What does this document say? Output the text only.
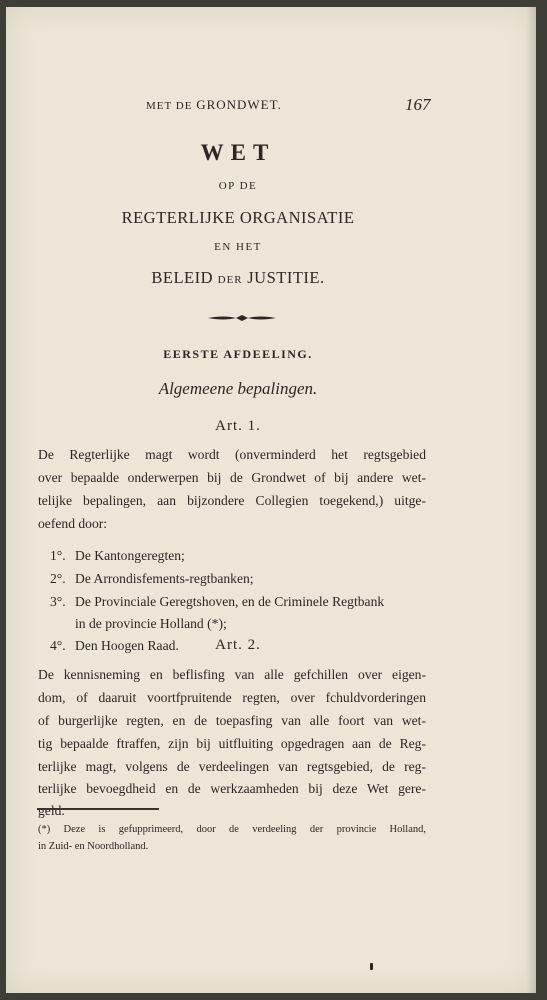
MET DE GRONDWET.	167
WET
OP DE
REGTERLIJKE ORGANISATIE
EN HET
BELEID DER JUSTITIE.
EERSTE AFDEELING.
Algemeene bepalingen.
Art. 1.
De Regterlijke magt wordt (onverminderd het regtsgebied
over bepaalde onderwerpen bij de Grondwet of bij andere wet-
telijke bepalingen, aan bijzondere Collegien toegekend,) uitge-
oefend door:
1°. De Kantongeregten;
2°. De Arrondisfements-regtbanken;
3°. De Provinciale Geregtshoven, en de Criminele Regtbank
in de provincie Holland (*);
4°. Den Hoogen Raad.	Art. 2.
De kennisneming en beflisfing van alle gefchillen over eigen-
dom, of daaruit voortfpruitende regten, over fchuldvorderingen
of burgerlijke regten, en de toepasfing van alle foort van wet-
tig bepaalde ftraffen, zijn bij uitfluiting opgedragen aan de Reg-
terlijke magt, volgens de verdeelingen van regtsgebied, de reg-
terlijke bevoegdheid en de werkzaamheden bij deze Wet gere-
geld.
(*) Deze is gefupprimeerd, door de verdeeling der provincie Holland,
in Zuid- en Noordholland.
